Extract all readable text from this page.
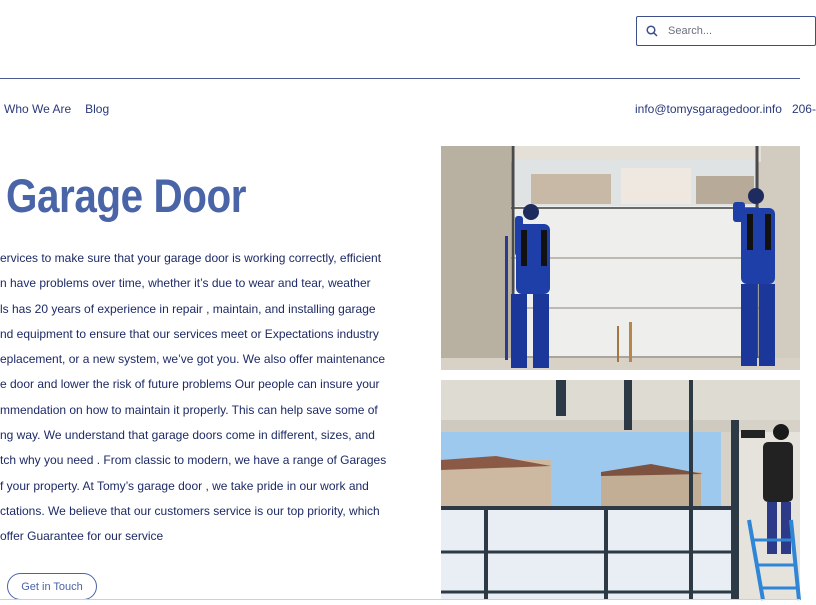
Search...
Who We Are Blog	info@tomysgaragedoor.info 206-
Garage Door
ervices to make sure that your garage door is working correctly, efficient
n have problems over time, whether it’s due to wear and tear, weather
ls has 20 years of experience in repair , maintain, and installing garage
nd equipment to ensure that our services meet or Expectations industry
eplacement, or a new system, we’ve got you. We also offer maintenance
e door and lower the risk of future problems Our people can insure your
mmendation on how to maintain it properly. This can help save some of
ng way. We understand that garage doors come in different, sizes, and
tch why you need . From classic to modern, we have a range of Garages
f your property. At Tomy’s garage door , we take pride in our work and
ctations. We believe that our customers service is our top priority, which
offer Guarantee for our service
Get in Touch
